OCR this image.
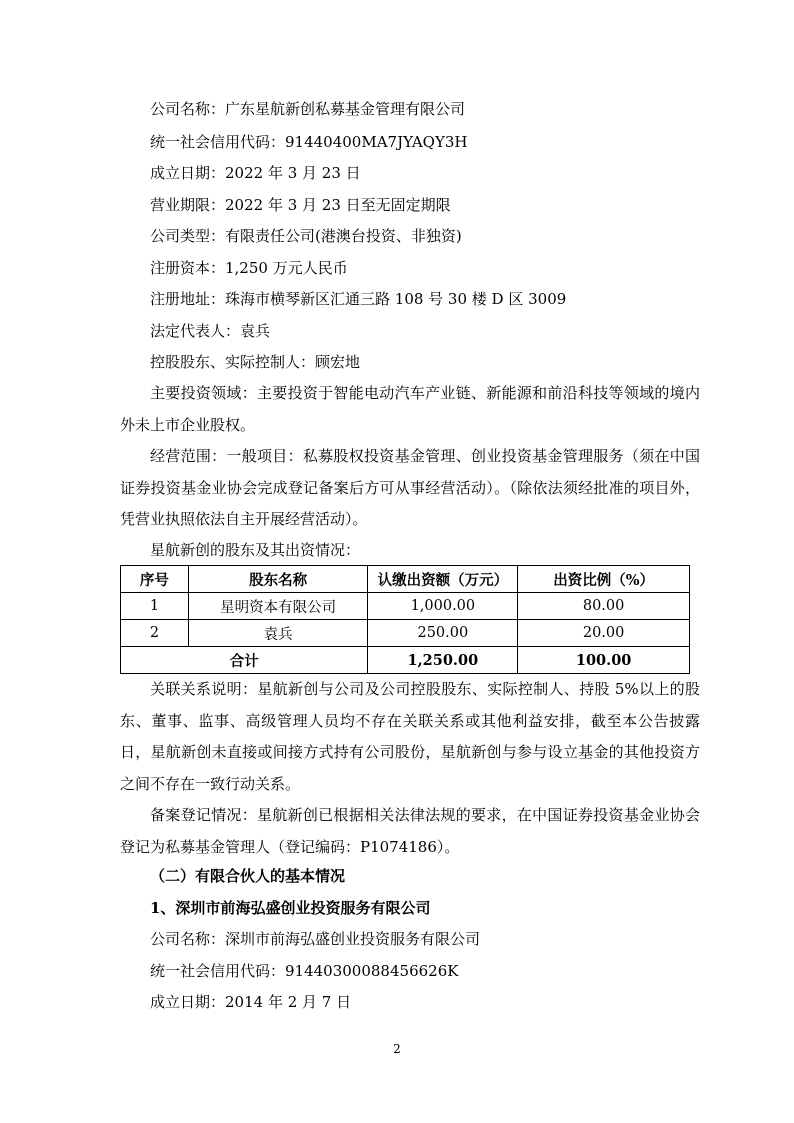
公司名称：广东星航新创私募基金管理有限公司
统一社会信用代码：91440400MA7JYAQY3H
成立日期：2022 年 3 月 23 日
营业期限：2022 年 3 月 23 日至无固定期限
公司类型：有限责任公司(港澳台投资、非独资)
注册资本：1,250 万元人民币
注册地址：珠海市横琴新区汇通三路 108 号 30 楼 D 区 3009
法定代表人：袁兵
控股股东、实际控制人：顾宏地
主要投资领域：主要投资于智能电动汽车产业链、新能源和前沿科技等领域的境内外未上市企业股权。
经营范围：一般项目：私募股权投资基金管理、创业投资基金管理服务（须在中国证券投资基金业协会完成登记备案后方可从事经营活动）。（除依法须经批准的项目外，凭营业执照依法自主开展经营活动）。
星航新创的股东及其出资情况：
序号	股东名称	认缴出资额（万元）	出资比例（%）
1	星明资本有限公司	1,000.00	80.00
2	袁兵	250.00	20.00
合计		1,250.00	100.00
关联关系说明：星航新创与公司及公司控股股东、实际控制人、持股 5%以上的股东、董事、监事、高级管理人员均不存在关联关系或其他利益安排，截至本公告披露日，星航新创未直接或间接方式持有公司股份，星航新创与参与设立基金的其他投资方之间不存在一致行动关系。
备案登记情况：星航新创已根据相关法律法规的要求，在中国证券投资基金业协会登记为私募基金管理人（登记编码：P1074186）。
（二）有限合伙人的基本情况
1、深圳市前海弘盛创业投资服务有限公司
公司名称：深圳市前海弘盛创业投资服务有限公司
统一社会信用代码：91440300088456626K
成立日期：2014 年 2 月 7 日
2
